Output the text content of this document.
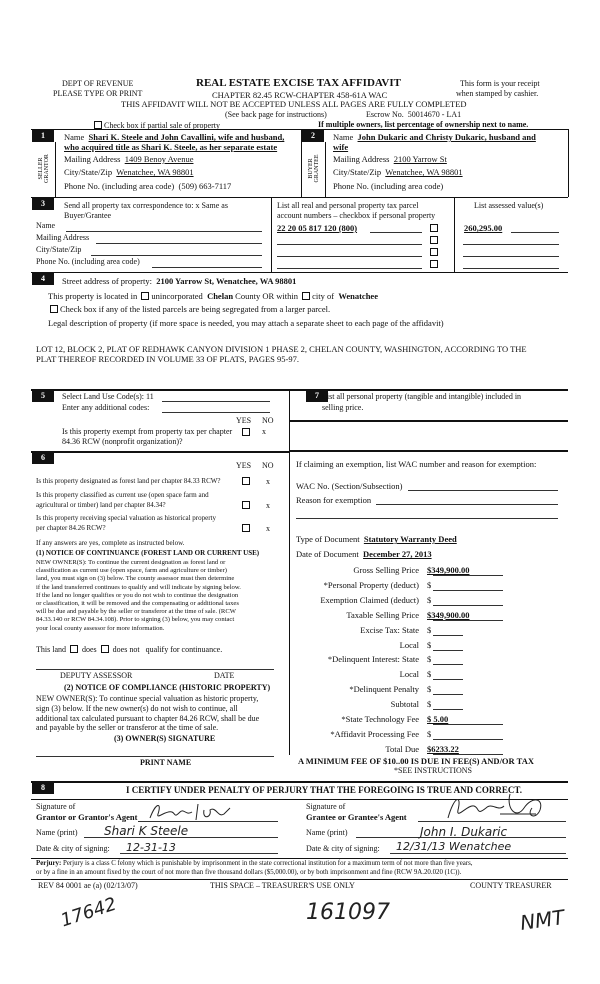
DEPT OF REVENUE
PLEASE TYPE OR PRINT
REAL ESTATE EXCISE TAX AFFIDAVIT
CHAPTER 82.45 RCW-CHAPTER 458-61A WAC
This form is your receipt
when stamped by cashier.
THIS AFFIDAVIT WILL NOT BE ACCEPTED UNLESS ALL PAGES ARE FULLY COMPLETED
(See back page for instructions)	Escrow No. 50014670 - LA1
Check box if partial sale of property	If multiple owners, list percentage of ownership next to name.
1
SELLER
GRANTOR
Name Shari K. Steele and John Cavallini, wife and husband,
who acquired title as Shari K. Steele, as her separate estate
Mailing Address 1409 Benoy Avenue
City/State/Zip Wenatchee, WA 98801
Phone No. (including area code) (509) 663-7117
2
BUYER
GRANTEE
Name John Dukaric and Christy Dukaric, husband and
wife
Mailing Address 2100 Yarrow St
City/State/Zip Wenatchee, WA 98801
Phone No. (including area code)
3	Send all property tax correspondence to: x Same as
Buyer/Grantee
Name
Mailing Address
City/State/Zip
Phone No. (including area code)
List all real and personal property tax parcel
account numbers – checkbox if personal property
22 20 05 817 120 (800)
List assessed value(s)
260,295.00
4	Street address of property: 2100 Yarrow St, Wenatchee, WA 98801
This property is located in unincorporated Chelan County OR within city of Wenatchee
Check box if any of the listed parcels are being segregated from a larger parcel.
Legal description of property (if more space is needed, you may attach a separate sheet to each page of the affidavit)
LOT 12, BLOCK 2, PLAT OF REDHAWK CANYON DIVISION 1 PHASE 2, CHELAN COUNTY, WASHINGTON, ACCORDING TO THE
PLAT THEREOF RECORDED IN VOLUME 33 OF PLATS, PAGES 95-97.
5	Select Land Use Code(s): 11
Enter any additional codes:
YES NO
Is this property exempt from property tax per chapter	x
84.36 RCW (nonprofit organization)?
7 List all personal property (tangible and intangible) included in
selling price.
6
YES NO
Is this property designated as forest land per chapter 84.33 RCW?	x
Is this property classified as current use (open space farm and
agricultural or timber) land per chapter 84.34?	x
Is this property receiving special valuation as historical property
per chapter 84.26 RCW?	x
If any answers are yes, complete as instructed below.
(1) NOTICE OF CONTINUANCE (FOREST LAND OR CURRENT USE)
NEW OWNER(S): To continue the current designation as forest land or
classification as current use (open space, farm and agriculture or timber)
land, you must sign on (3) below. The county assessor must then determine
if the land transferred continues to qualify and will indicate by signing below.
If the land no longer qualifies or you do not wish to continue the designation
or classification, it will be removed and the compensating or additional taxes
will be due and payable by the seller or transferor at the time of sale. (RCW
84.33.140 or RCW 84.34.108). Prior to signing (3) below, you may contact
your local county assessor for more information.
This land does does not qualify for continuance.
DEPUTY ASSESSOR	DATE
(2) NOTICE OF COMPLIANCE (HISTORIC PROPERTY)
NEW OWNER(S): To continue special valuation as historic property,
sign (3) below. If the new owner(s) do not wish to continue, all
additional tax calculated pursuant to chapter 84.26 RCW, shall be due
and payable by the seller or transferor at the time of sale.
(3) OWNER(S) SIGNATURE
PRINT NAME
If claiming an exemption, list WAC number and reason for exemption:
WAC No. (Section/Subsection)
Reason for exemption
Type of Document Statutory Warranty Deed
Date of Document December 27, 2013
Gross Selling Price $349,900.00
*Personal Property (deduct) $
Exemption Claimed (deduct) $
Taxable Selling Price $349,900.00
Excise Tax: State $
Local $
*Delinquent Interest: State $
Local $
*Delinquent Penalty $
Subtotal $
*State Technology Fee $ 5.00
*Affidavit Processing Fee $
Total Due $6233.22
A MINIMUM FEE OF $10..00 IS DUE IN FEE(S) AND/OR TAX
*SEE INSTRUCTIONS
8	I CERTIFY UNDER PENALTY OF PERJURY THAT THE FOREGOING IS TRUE AND CORRECT.
Signature of
Grantor or Grantor's Agent
Name (print) Shari K Steele
Date & city of signing: 12-31-13
Signature of
Grantee or Grantee's Agent
Name (print)	John I. Dukaric
Date & city of signing: 12/31/13 Wenatchee
Perjury: Perjury is a class C felony which is punishable by imprisonment in the state correctional institution for a maximum term of not more than five years,
or by a fine in an amount fixed by the court of not more than five thousand dollars ($5,000.00), or by both imprisonment and fine (RCW 9A.20.020 (1C)).
REV 84 0001 ae (a) (02/13/07)	THIS SPACE – TREASURER'S USE ONLY	COUNTY TREASURER
17642	161097	NMT
